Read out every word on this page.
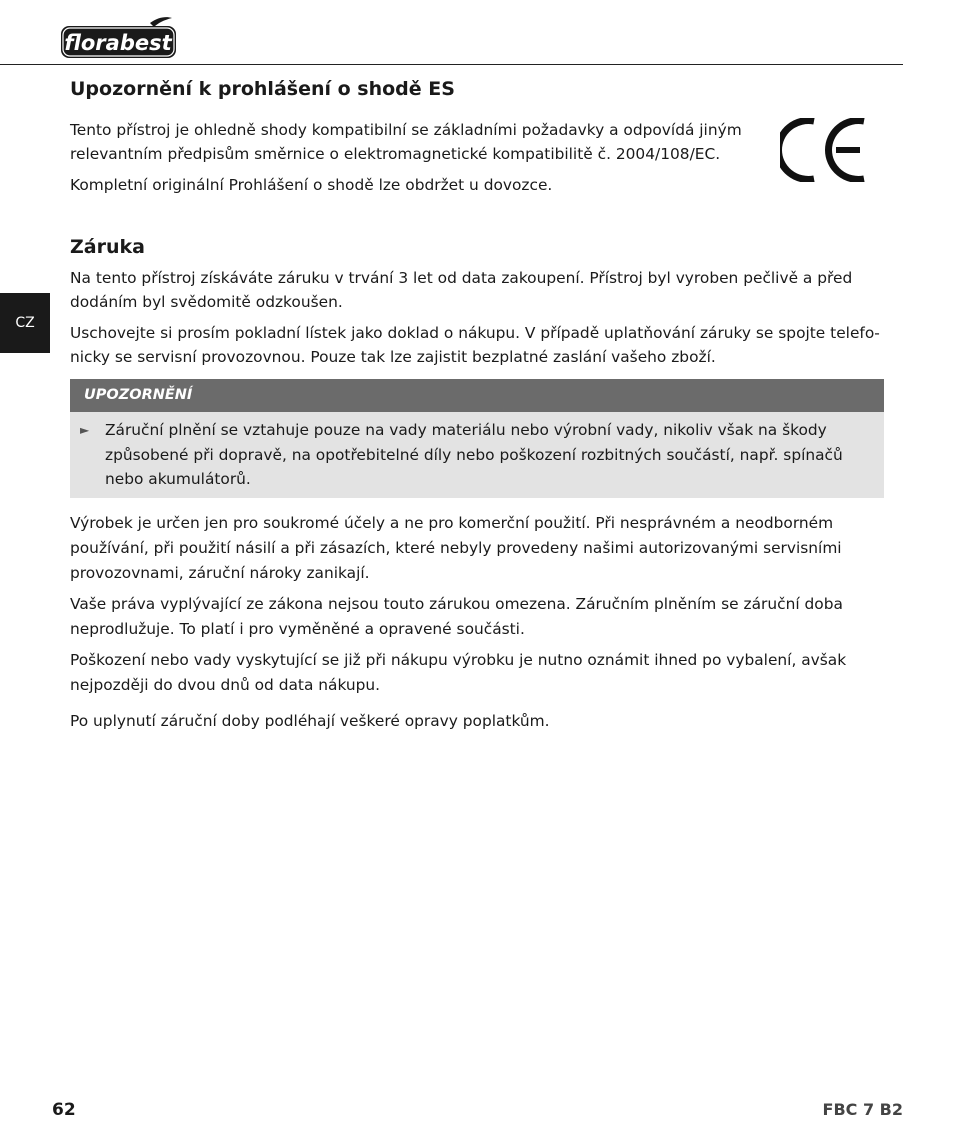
florabest
CZ
Upozornění k prohlášení o shodě ES

Tento přístroj je ohledně shody kompatibilní se základními požadavky a odpovídá jiným relevantním předpisům směrnice o elektromagnetické kompatibilitě č. 2004/108/EC.

Kompletní originální Prohlášení o shodě lze obdržet u dovozce.

Záruka

Na tento přístroj získáváte záruku v trvání 3 let od data zakoupení. Přístroj byl vyroben pečlivě a před dodáním byl svědomitě odzkoušen.

Uschovejte si prosím pokladní lístek jako doklad o nákupu. V případě uplatňování záruky se spojte telefonicky se servisní provozovnou. Pouze tak lze zajistit bezplatné zaslání vašeho zboží.

UPOZORNĚNÍ
► Záruční plnění se vztahuje pouze na vady materiálu nebo výrobní vady, nikoliv však na škody způsobené při dopravě, na opotřebitelné díly nebo poškození rozbitných součástí, např. spínačů nebo akumulátorů.

Výrobek je určen jen pro soukromé účely a ne pro komerční použití. Při nesprávném a neodborném používání, při použití násilí a při zásazích, které nebyly provedeny našimi autorizovanými servisními provozovnami, záruční nároky zanikají.

Vaše práva vyplývající ze zákona nejsou touto zárukou omezena. Záručním plněním se záruční doba neprodlužuje. To platí i pro vyměněné a opravené součásti.

Poškození nebo vady vyskytující se již při nákupu výrobku je nutno oznámit ihned po vybalení, avšak nejpozději do dvou dnů od data nákupu.

Po uplynutí záruční doby podléhají veškeré opravy poplatkům.

62	FBC 7 B2
